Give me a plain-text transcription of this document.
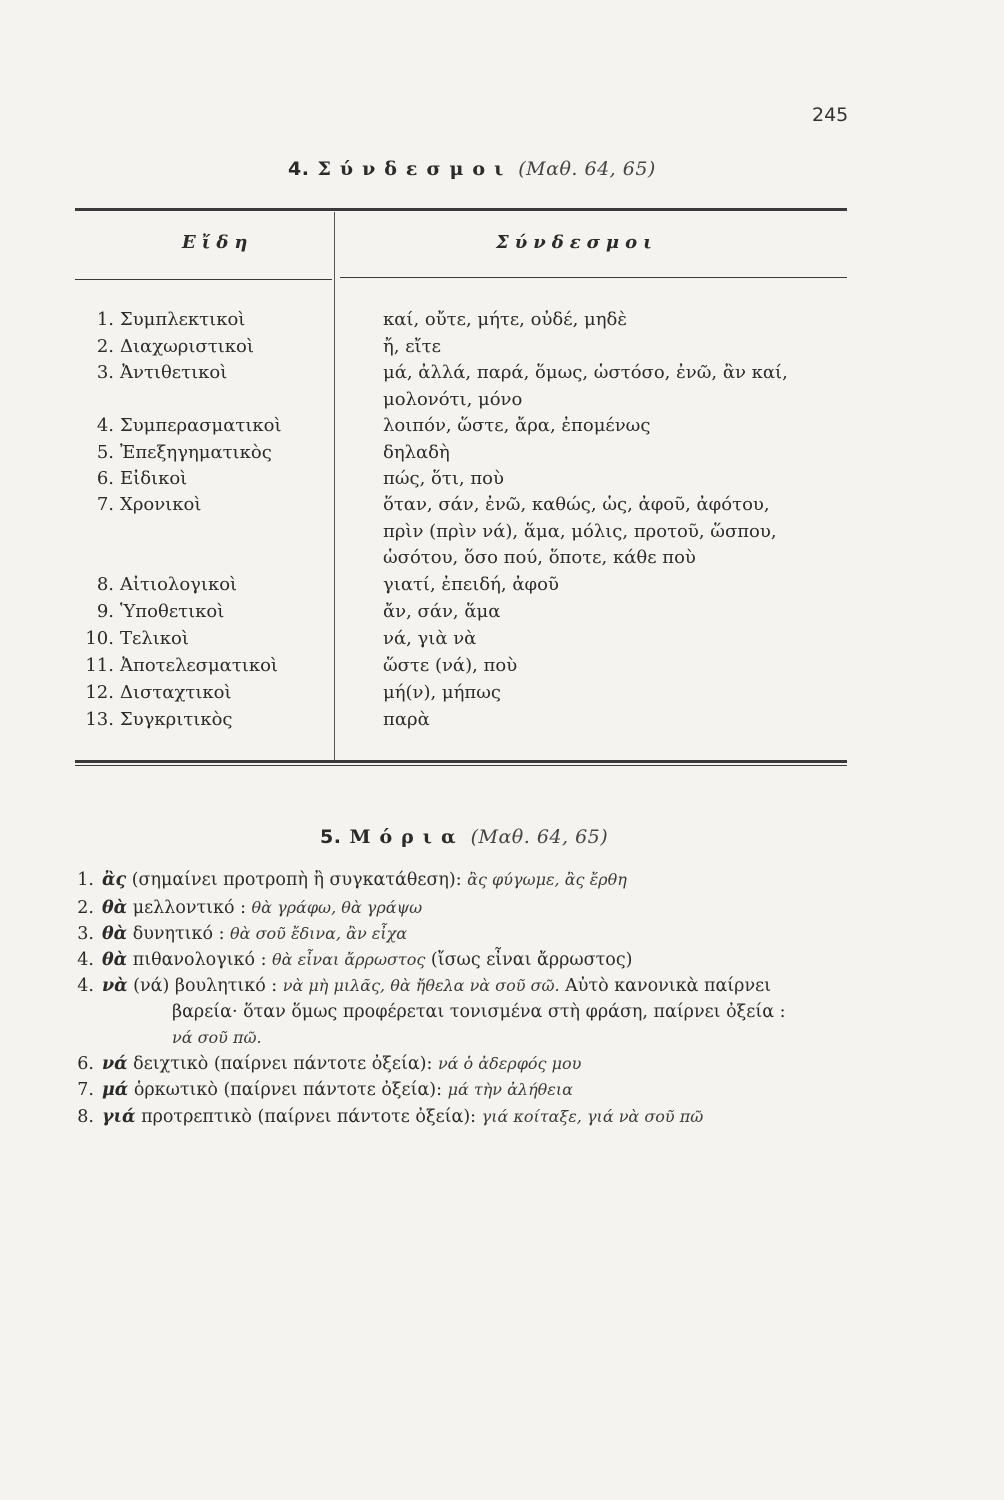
245
4. Σύνδεσμοι (Μαθ. 64, 65)
Εἴδη	Σύνδεσμοι
1. Συμπλεκτικοὶ	καί, οὔτε, μήτε, οὐδέ, μηδὲ
2. Διαχωριστικοὶ	ἤ, εἴτε
3. Ἀντιθετικοὶ	μά, ἀλλά, παρά, ὅμως, ὡστόσο, ἐνῶ, ἂν καί,
μολονότι, μόνο
4. Συμπερασματικοὶ	λοιπόν, ὥστε, ἄρα, ἐπομένως
5. Ἐπεξηγηματικὸς	δηλαδὴ
6. Εἰδικοὶ	πώς, ὅτι, ποὺ
7. Χρονικοὶ	ὅταν, σάν, ἐνῶ, καθώς, ὡς, ἀφοῦ, ἀφότου,
πρὶν (πρὶν νά), ἅμα, μόλις, προτοῦ, ὥσπου,
ὡσότου, ὅσο πού, ὅποτε, κάθε ποὺ
8. Αἰτιολογικοὶ	γιατί, ἐπειδή, ἀφοῦ
9. Ὑποθετικοὶ	ἄν, σάν, ἅμα
10. Τελικοὶ	νά, γιὰ νὰ
11. Ἀποτελεσματικοὶ	ὥστε (νά), ποὺ
12. Δισταχτικοὶ	μή(ν), μήπως
13. Συγκριτικὸς	παρὰ
5. Μόρια (Μαθ. 64, 65)
1. ἂς (σημαίνει προτροπὴ ἢ συγκατάθεση): ἂς φύγωμε, ἂς ἔρθη
2. θὰ μελλοντικό : θὰ γράφω, θὰ γράψω
3. θὰ δυνητικό : θὰ σοῦ ἔδινα, ἂν εἶχα
4. θὰ πιθανολογικό : θὰ εἶναι ἄρρωστος (ἴσως εἶναι ἄρρωστος)
4. νὰ (νά) βουλητικό : νὰ μὴ μιλᾶς, θὰ ἤθελα νὰ σοῦ σῶ. Αὐτὸ κανονικὰ παίρνει
βαρεία· ὅταν ὅμως προφέρεται τονισμένα στὴ φράση, παίρνει ὀξεία :
νά σοῦ πῶ.
6. νά δειχτικὸ (παίρνει πάντοτε ὀξεία): νά ὁ ἀδερφός μου
7. μά ὁρκωτικὸ (παίρνει πάντοτε ὀξεία): μά τὴν ἀλήθεια
8. γιά προτρεπτικὸ (παίρνει πάντοτε ὀξεία): γιά κοίταξε, γιά νὰ σοῦ πῶ
